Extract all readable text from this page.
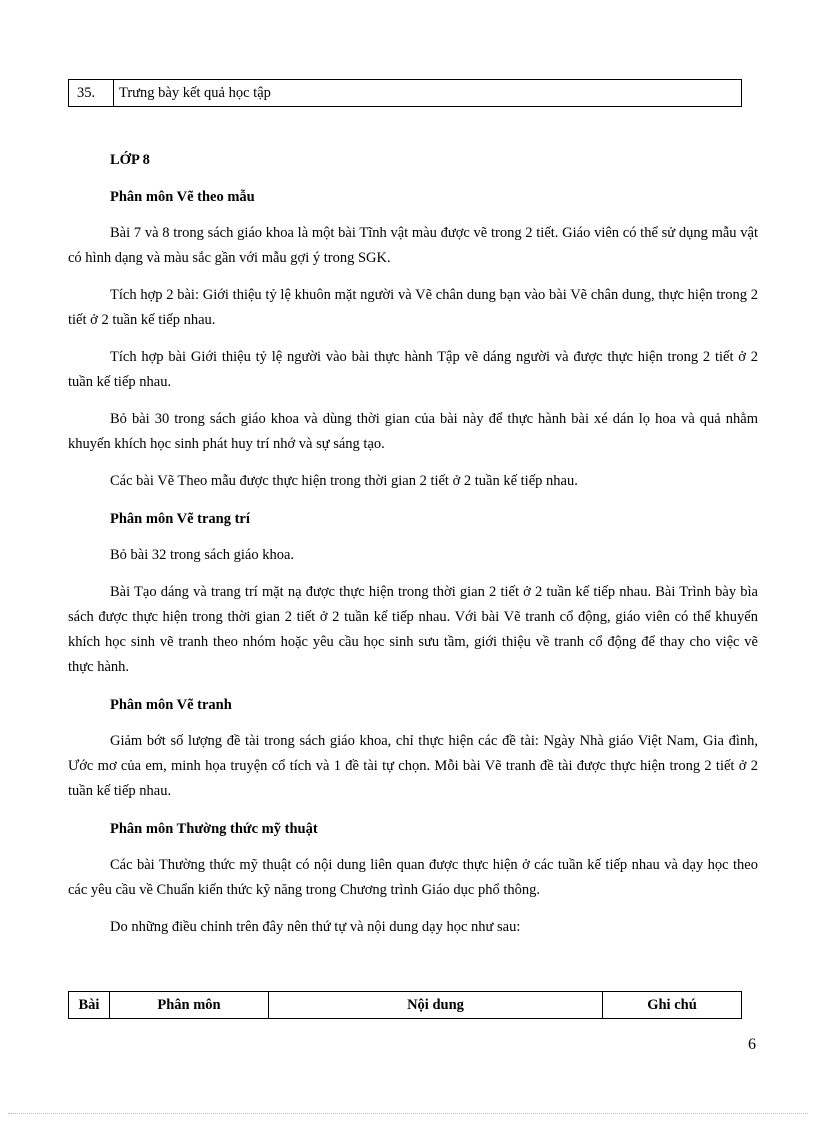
35.	Trưng bày kết quả học tập
LỚP 8
Phân môn Vẽ theo mẫu

Bài 7 và 8 trong sách giáo khoa là một bài Tĩnh vật màu được vẽ trong 2 tiết. Giáo viên có thể sử dụng mẫu vật có hình dạng và màu sắc gần với mẫu gợi ý trong SGK.

Tích hợp 2 bài: Giới thiệu tỷ lệ khuôn mặt người và Vẽ chân dung bạn vào bài Vẽ chân dung, thực hiện trong 2 tiết ở 2 tuần kế tiếp nhau.

Tích hợp bài Giới thiệu tỷ lệ người vào bài thực hành Tập vẽ dáng người và được thực hiện trong 2 tiết ở 2 tuần kế tiếp nhau.

Bỏ bài 30 trong sách giáo khoa và dùng thời gian của bài này để thực hành bài xé dán lọ hoa và quả nhằm khuyến khích học sinh phát huy trí nhớ và sự sáng tạo.

Các bài Vẽ Theo mẫu được thực hiện trong thời gian 2 tiết ở 2 tuần kế tiếp nhau.

Phân môn Vẽ trang trí

Bỏ bài 32 trong sách giáo khoa.

Bài Tạo dáng và trang trí mặt nạ được thực hiện trong thời gian 2 tiết ở 2 tuần kế tiếp nhau. Bài Trình bày bìa sách được thực hiện trong thời gian 2 tiết ở 2 tuần kế tiếp nhau. Với bài Vẽ tranh cổ động, giáo viên có thể khuyến khích học sinh vẽ tranh theo nhóm hoặc yêu cầu học sinh sưu tầm, giới thiệu về tranh cổ động để thay cho việc vẽ thực hành.

Phân môn Vẽ tranh

Giảm bớt số lượng đề tài trong sách giáo khoa, chỉ thực hiện các đề tài: Ngày Nhà giáo Việt Nam, Gia đình, Ước mơ của em, minh họa truyện cổ tích và 1 đề tài tự chọn. Mỗi bài Vẽ tranh đề tài được thực hiện trong 2 tiết ở 2 tuần kế tiếp nhau.

Phân môn Thường thức mỹ thuật

Các bài Thường thức mỹ thuật có nội dung liên quan được thực hiện ở các tuần kế tiếp nhau và dạy học theo các yêu cầu về Chuẩn kiến thức kỹ năng trong Chương trình Giáo dục phổ thông.

Do những điều chỉnh trên đây nên thứ tự và nội dung dạy học như sau:

Bài	Phân môn	Nội dung	Ghi chú
6
